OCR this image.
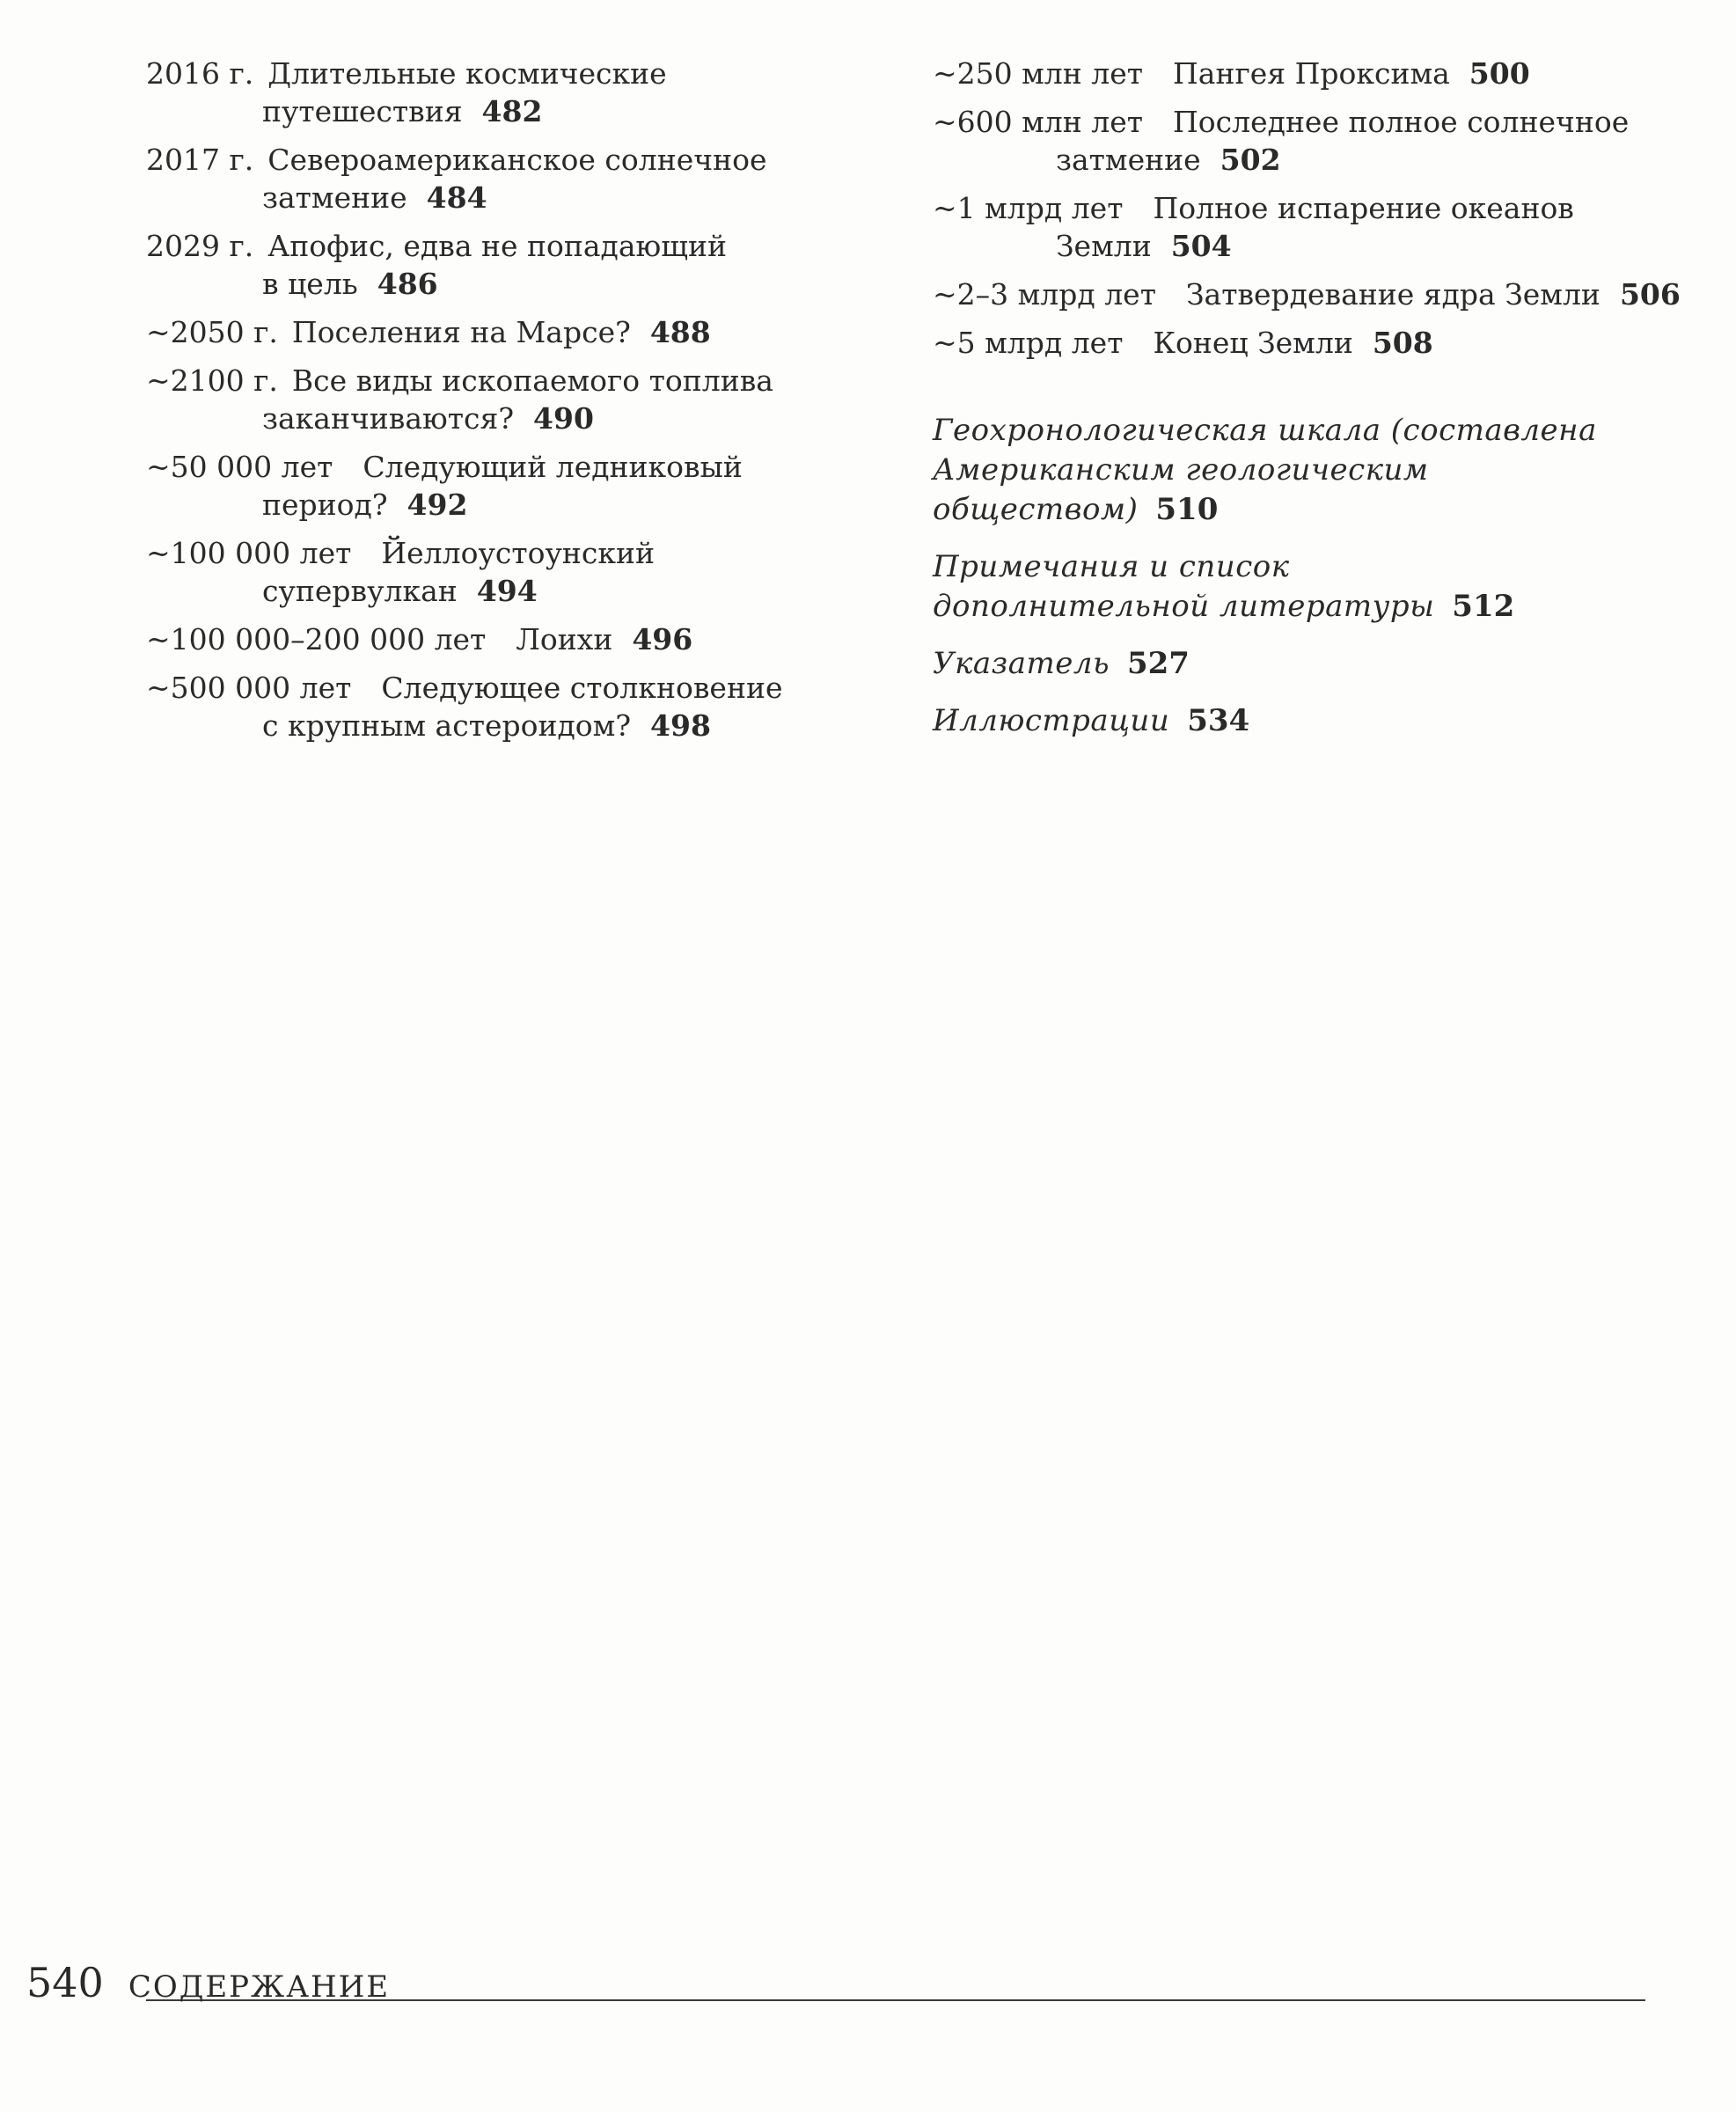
2016 г. Длительные космические
путешествия 482
2017 г. Североамериканское солнечное
затмение 484
2029 г. Апофис, едва не попадающий
в цель 486
~2050 г. Поселения на Марсе? 488
~2100 г. Все виды ископаемого топлива
заканчиваются? 490
~50 000 лет Следующий ледниковый
период? 492
~100 000 лет Йеллоустоунский
супервулкан 494
~100 000–200 000 лет Лоихи 496
~500 000 лет Следующее столкновение
с крупным астероидом? 498
~250 млн лет Пангея Проксима 500
~600 млн лет Последнее полное солнечное
затмение 502
~1 млрд лет Полное испарение океанов
Земли 504
~2–3 млрд лет Затвердевание ядра Земли 506
~5 млрд лет Конец Земли 508
Геохронологическая шкала (составлена
Американским геологическим
обществом) 510
Примечания и список
дополнительной литературы 512
Указатель 527
Иллюстрации 534
540 СОДЕРЖАНИЕ
